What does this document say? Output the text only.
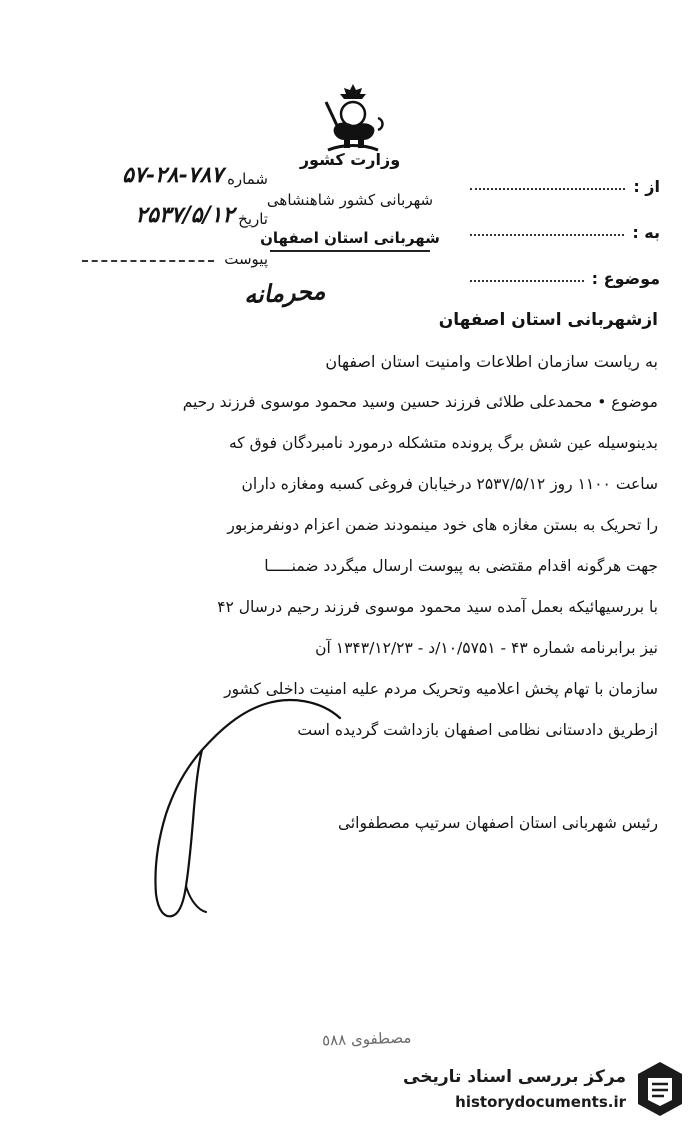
وزارت کشور
شهربانی کشور شاهنشاهی
شهربانی استان اصفهان
از :
به :
موضوع :
شماره
۵۷-۲۸-۷۸۷
تاریخ
۲۵۳۷/۵/۱۲
پیوست
محرمانه
ازشهربانی استان اصفهان
به ریاست سازمان اطلاعات وامنیت استان اصفهان
موضوع • محمدعلی طلائی فرزند حسین وسید محمود موسوی فرزند رحیم
بدینوسیله عین شش برگ پرونده متشکله درمورد نامبردگان فوق که
ساعت ۱۱۰۰ روز ۲۵۳۷/۵/۱۲ درخیابان فروغی کسبه ومغازه داران
را تحریک به بستن مغازه های خود مینمودند ضمن اعزام دونفرمزبور
جهت هرگونه اقدام مقتضی به پیوست ارسال میگردد ضمنـــــا
با بررسیهائیکه بعمل آمده سید محمود موسوی فرزند رحیم درسال ۴۲
نیز برابرنامه شماره ۴۳ - ۱۰/۵۷۵۱/د - ۱۳۴۳/۱۲/۲۳ آن
سازمان با تهام پخش اعلامیه وتحریک مردم علیه امنیت داخلی کشور
ازطریق دادستانی نظامی اصفهان بازداشت گردیده است
رئیس شهربانی استان اصفهان سرتیپ مصطفوائی
مصطفوی ٥٨٨
مرکز بررسی اسناد تاریخی
historydocuments.ir
